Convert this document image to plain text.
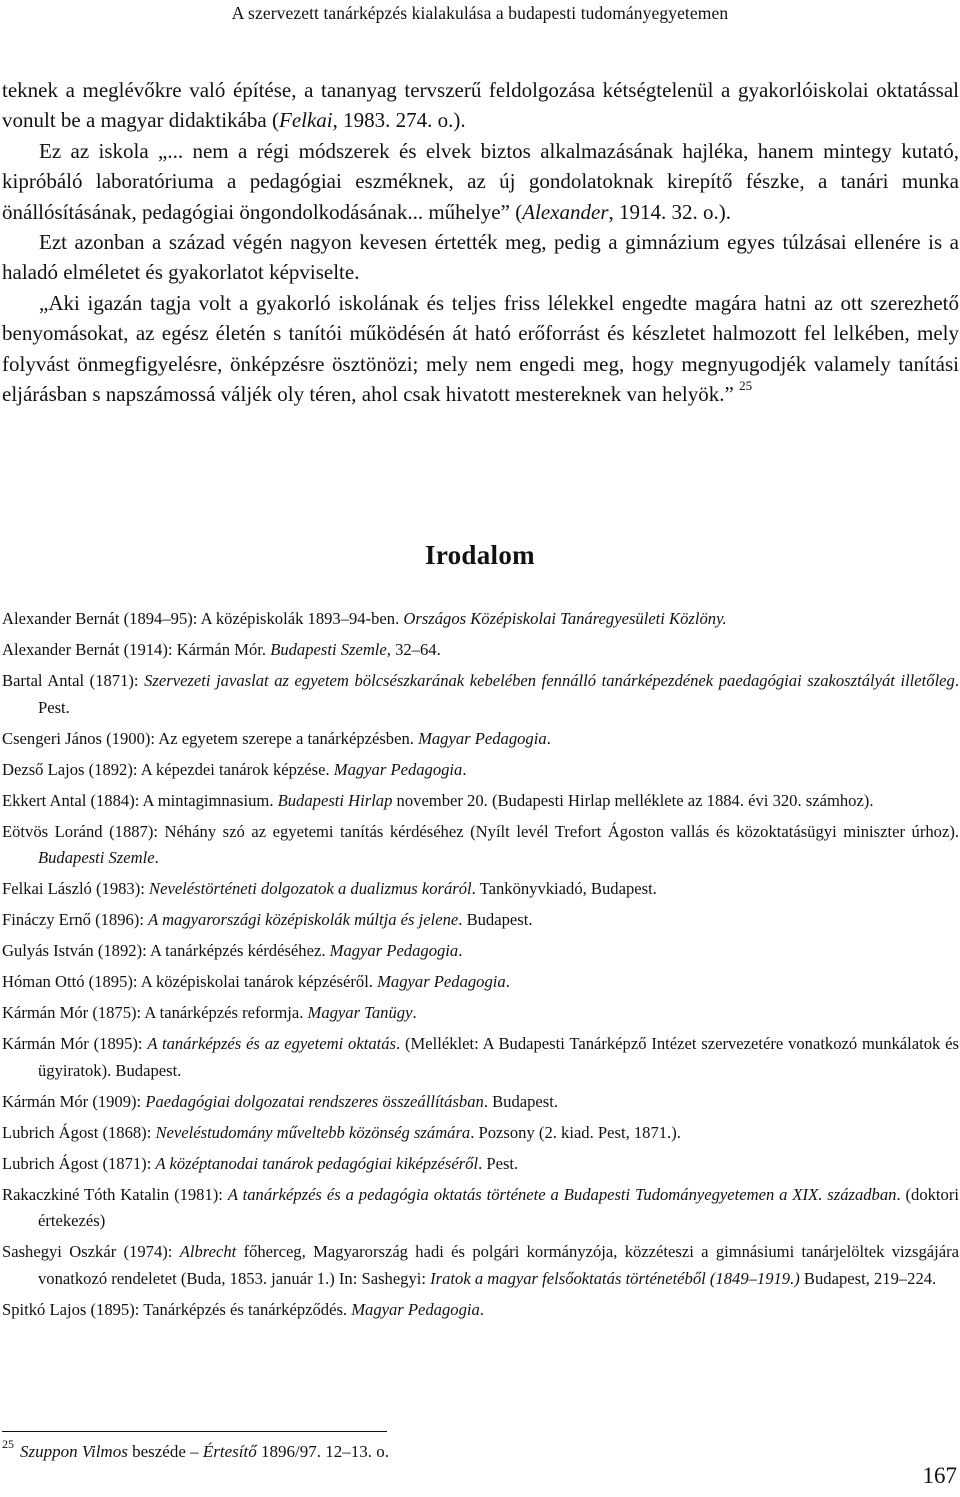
A szervezett tanárképzés kialakulása a budapesti tudományegyetemen

teknek a meglévőkre való építése, a tananyag tervszerű feldolgozása kétségtelenül a gyakorlóiskolai oktatással vonult be a magyar didaktikába (Felkai, 1983. 274. o.).

Ez az iskola „... nem a régi módszerek és elvek biztos alkalmazásának hajléka, hanem mintegy kutató, kipróbáló laboratóriuma a pedagógiai eszméknek, az új gondolatoknak kirepítő fészke, a tanári munka önállósításának, pedagógiai öngondolkodásának... műhelye” (Alexander, 1914. 32. o.).

Ezt azonban a század végén nagyon kevesen értették meg, pedig a gimnázium egyes túlzásai ellenére is a haladó elméletet és gyakorlatot képviselte.

„Aki igazán tagja volt a gyakorló iskolának és teljes friss lélekkel engedte magára hatni az ott szerezhető benyomásokat, az egész életén s tanítói működésén át ható erőforrást és készletet halmozott fel lelkében, mely folyvást önmegfigyelésre, önképzésre ösztönözi; mely nem engedi meg, hogy megnyugodjék valamely tanítási eljárásban s napszámossá váljék oly téren, ahol csak hivatott mestereknek van helyök.” $^{25}$

Irodalom

Alexander Bernát (1894–95): A középiskolák 1893–94-ben. Országos Középiskolai Tanáregyesületi Közlöny.

Alexander Bernát (1914): Kármán Mór. Budapesti Szemle, 32–64.

Bartal Antal (1871): Szervezeti javaslat az egyetem bölcsészkarának kebelében fennálló tanárképezdének paedagógiai szakosztályát illetőleg. Pest.

Csengeri János (1900): Az egyetem szerepe a tanárképzésben. Magyar Pedagogia.

Dezső Lajos (1892): A képezdei tanárok képzése. Magyar Pedagogia.

Ekkert Antal (1884): A mintagimnasium. Budapesti Hirlap november 20. (Budapesti Hirlap melléklete az 1884. évi 320. számhoz).

Eötvös Loránd (1887): Néhány szó az egyetemi tanítás kérdéséhez (Nyílt levél Trefort Ágoston vallás és közoktatásügyi miniszter úrhoz). Budapesti Szemle.

Felkai László (1983): Neveléstörténeti dolgozatok a dualizmus koráról. Tankönyvkiadó, Budapest.

Fináczy Ernő (1896): A magyarországi középiskolák múltja és jelene. Budapest.

Gulyás István (1892): A tanárképzés kérdéséhez. Magyar Pedagogia.

Hóman Ottó (1895): A középiskolai tanárok képzéséről. Magyar Pedagogia.

Kármán Mór (1875): A tanárképzés reformja. Magyar Tanügy.

Kármán Mór (1895): A tanárképzés és az egyetemi oktatás. (Melléklet: A Budapesti Tanárképző Intézet szervezetére vonatkozó munkálatok és ügyiratok). Budapest.

Kármán Mór (1909): Paedagógiai dolgozatai rendszeres összeállításban. Budapest.

Lubrich Ágost (1868): Neveléstudomány műveltebb közönség számára. Pozsony (2. kiad. Pest, 1871.).

Lubrich Ágost (1871): A középtanodai tanárok pedagógiai kiképzéséről. Pest.

Rakaczkiné Tóth Katalin (1981): A tanárképzés és a pedagógia oktatás története a Budapesti Tudományegyetemen a XIX. században. (doktori értekezés)

Sashegyi Oszkár (1974): Albrecht főherceg, Magyarország hadi és polgári kormányzója, közzéteszi a gimnásiumi tanárjelöltek vizsgájára vonatkozó rendeletet (Buda, 1853. január 1.) In: Sashegyi: Iratok a magyar felsőoktatás történetéből (1849–1919.) Budapest, 219–224.

Spitkó Lajos (1895): Tanárképzés és tanárképződés. Magyar Pedagogia.

$^{25}$ Szuppon Vilmos beszéde – Értesítő 1896/97. 12–13. o.
167
